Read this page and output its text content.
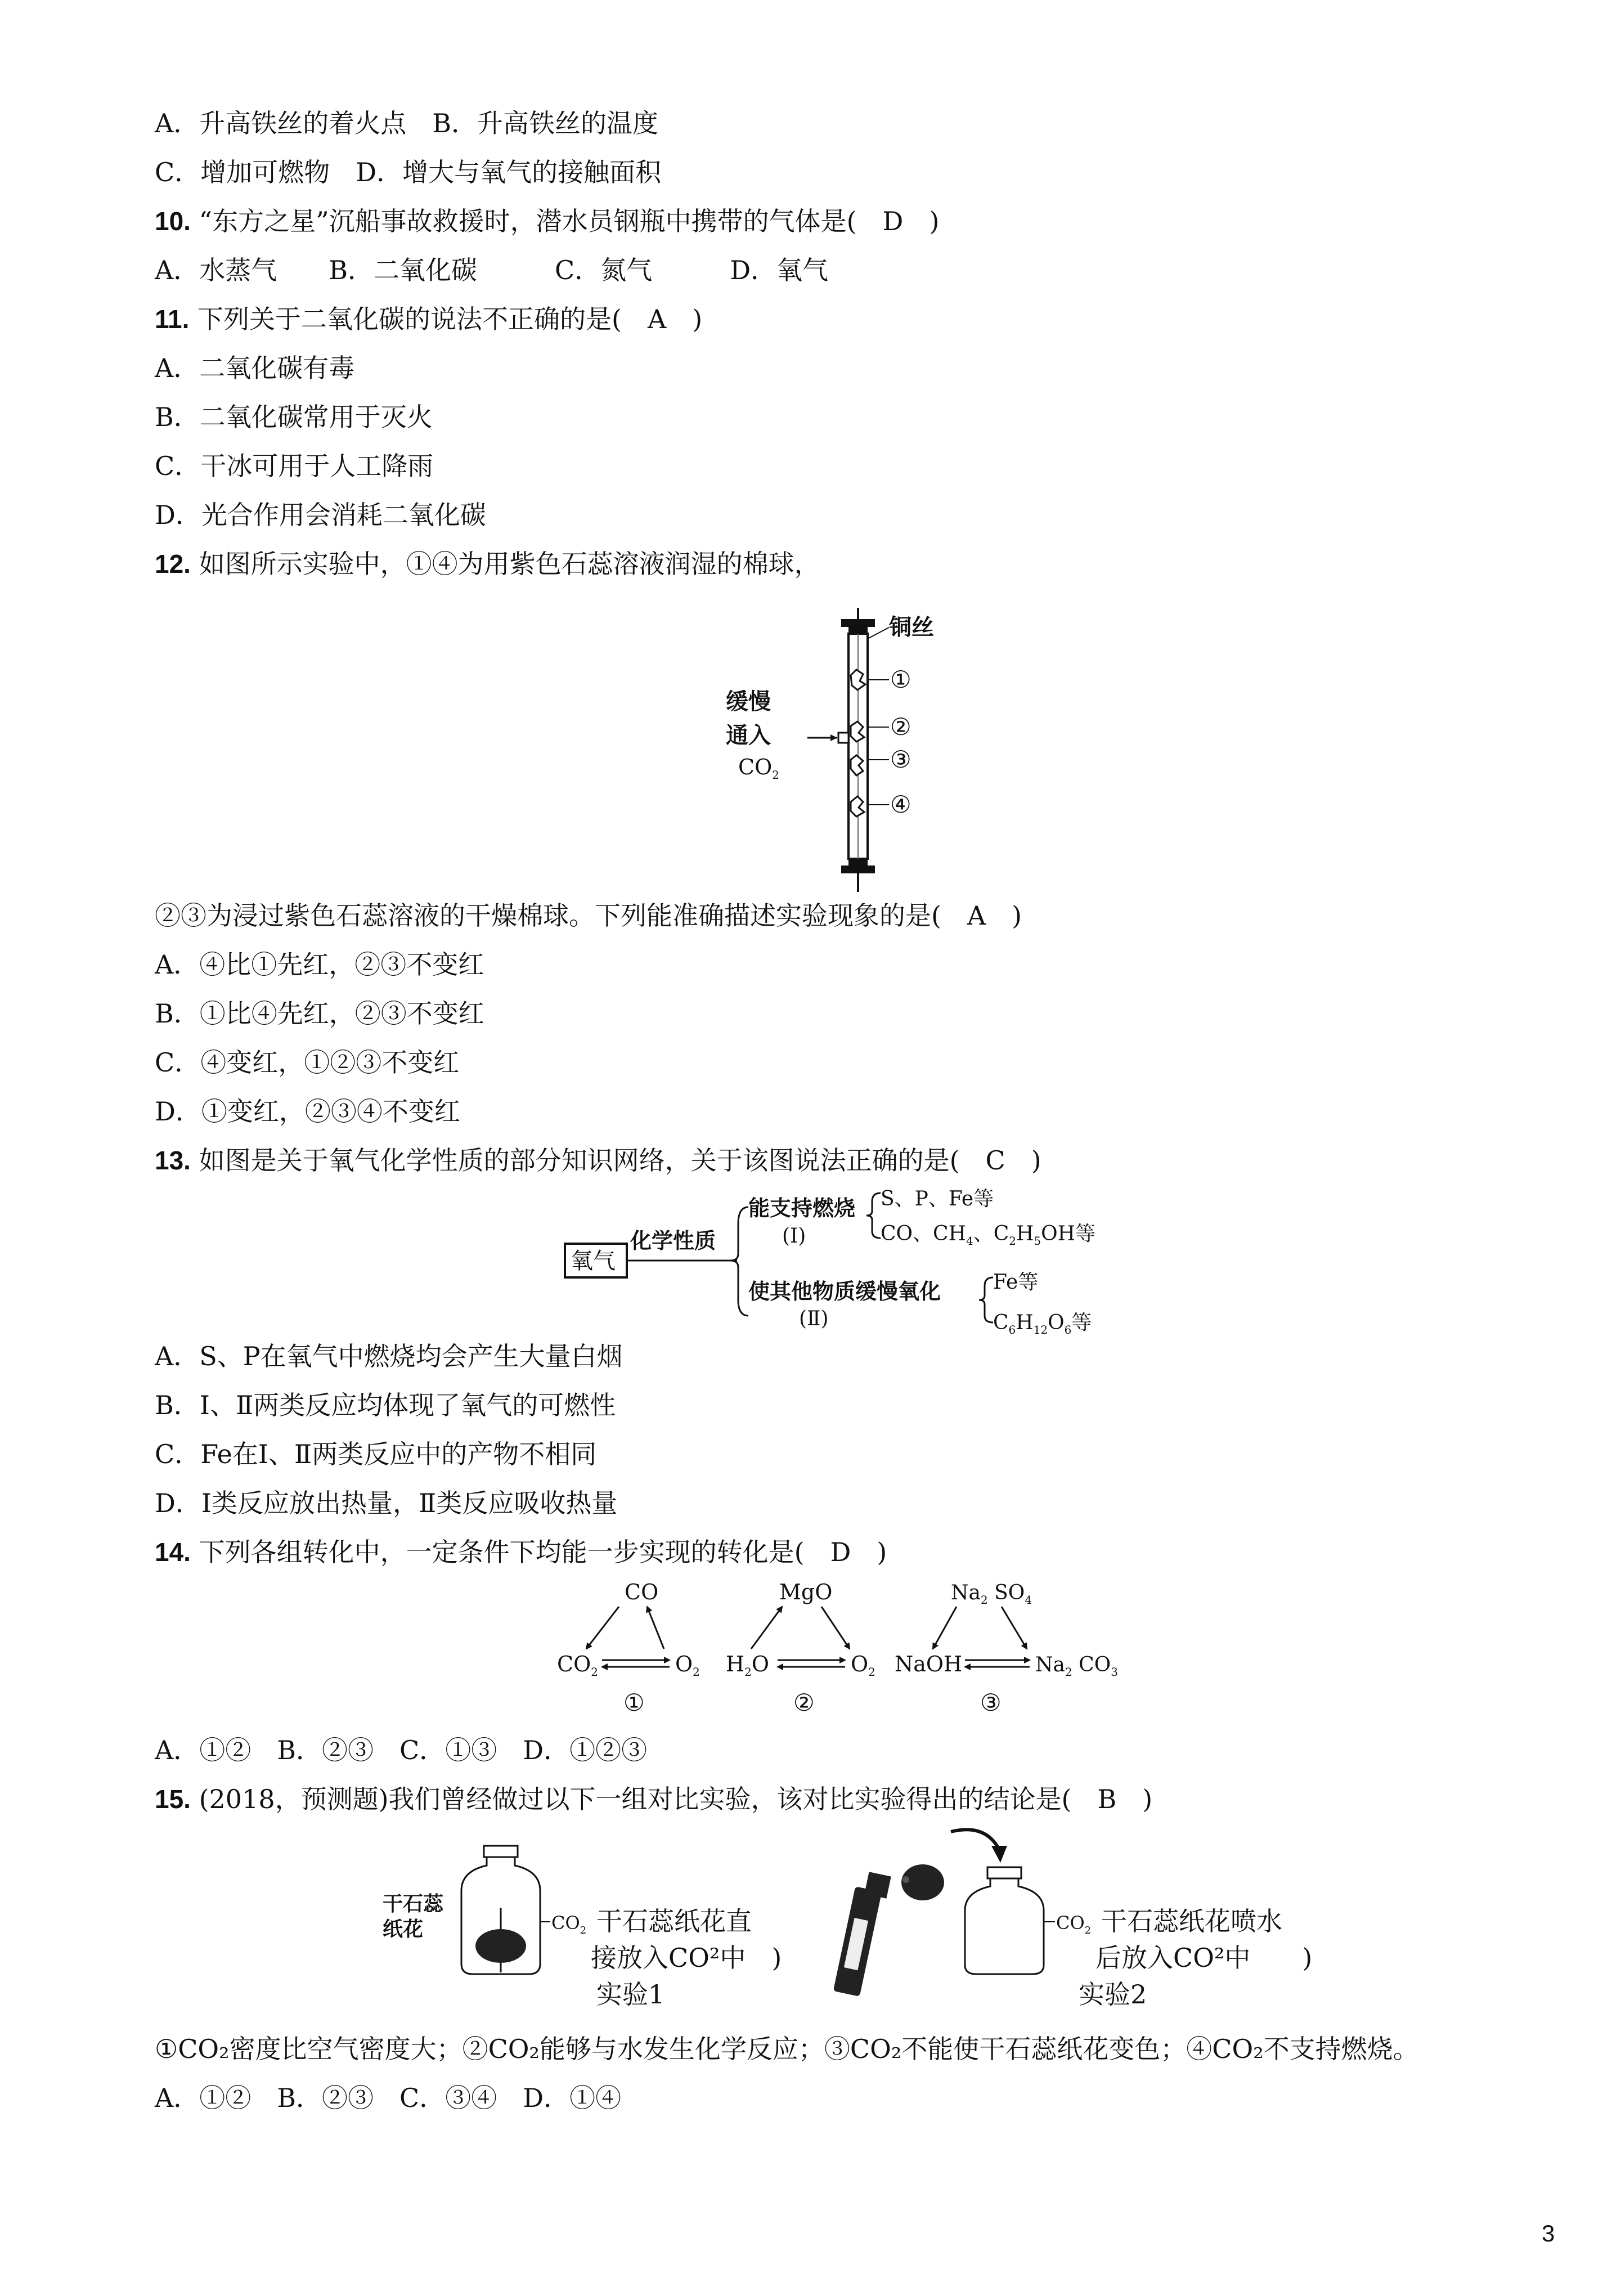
A．升高铁丝的着火点　B．升高铁丝的温度
C．增加可燃物　D．增大与氧气的接触面积
10. “东方之星”沉船事故救援时，潜水员钢瓶中携带的气体是(　D　)
A．水蒸气　　B．二氧化碳　　　C．氮气　　　D．氧气
11. 下列关于二氧化碳的说法不正确的是(　A　)
A．二氧化碳有毒
B．二氧化碳常用于灭火
C．干冰可用于人工降雨
D．光合作用会消耗二氧化碳
12. 如图所示实验中，①④为用紫色石蕊溶液润湿的棉球，
铜丝
①
②
③
④
缓慢
通入
$CO_2$
②③为浸过紫色石蕊溶液的干燥棉球。下列能准确描述实验现象的是(　A　)
A．④比①先红，②③不变红
B．①比④先红，②③不变红
C．④变红，①②③不变红
D．①变红，②③④不变红
13. 如图是关于氧气化学性质的部分知识网络，关于该图说法正确的是(　C　)
氧气
化学性质
能支持燃烧
(Ⅰ)
使其他物质缓慢氧化
(Ⅱ)
S、P、Fe等
CO、$CH_4$、$C_2H_5OH$等
Fe等
$C_6H_{12}O_6$等
A．S、P在氧气中燃烧均会产生大量白烟
B．Ⅰ、Ⅱ两类反应均体现了氧气的可燃性
C．Fe在Ⅰ、Ⅱ两类反应中的产物不相同
D．Ⅰ类反应放出热量，Ⅱ类反应吸收热量
14. 下列各组转化中，一定条件下均能一步实现的转化是(　D　)
CO
$CO_2$	$O_2$
①
MgO
$H_2O$	$O_2$
②
$Na_2$ $SO_4$
NaOH	$Na_2$ $CO_3$
③
A．①②　B．②③　C．①③　D．①②③
15. (2018，预测题)我们曾经做过以下一组对比实验，该对比实验得出的结论是(　B　)
干石蕊
纸花	$CO_2$ 干石蕊纸花直
接放入CO²中　)
实验1
$CO_2$ 干石蕊纸花喷水
后放入CO²中　　)
实验2
①CO₂密度比空气密度大；②CO₂能够与水发生化学反应；③CO₂不能使干石蕊纸花变色；④CO₂不支持燃烧。
A．①②　B．②③　C．③④　D．①④
3
